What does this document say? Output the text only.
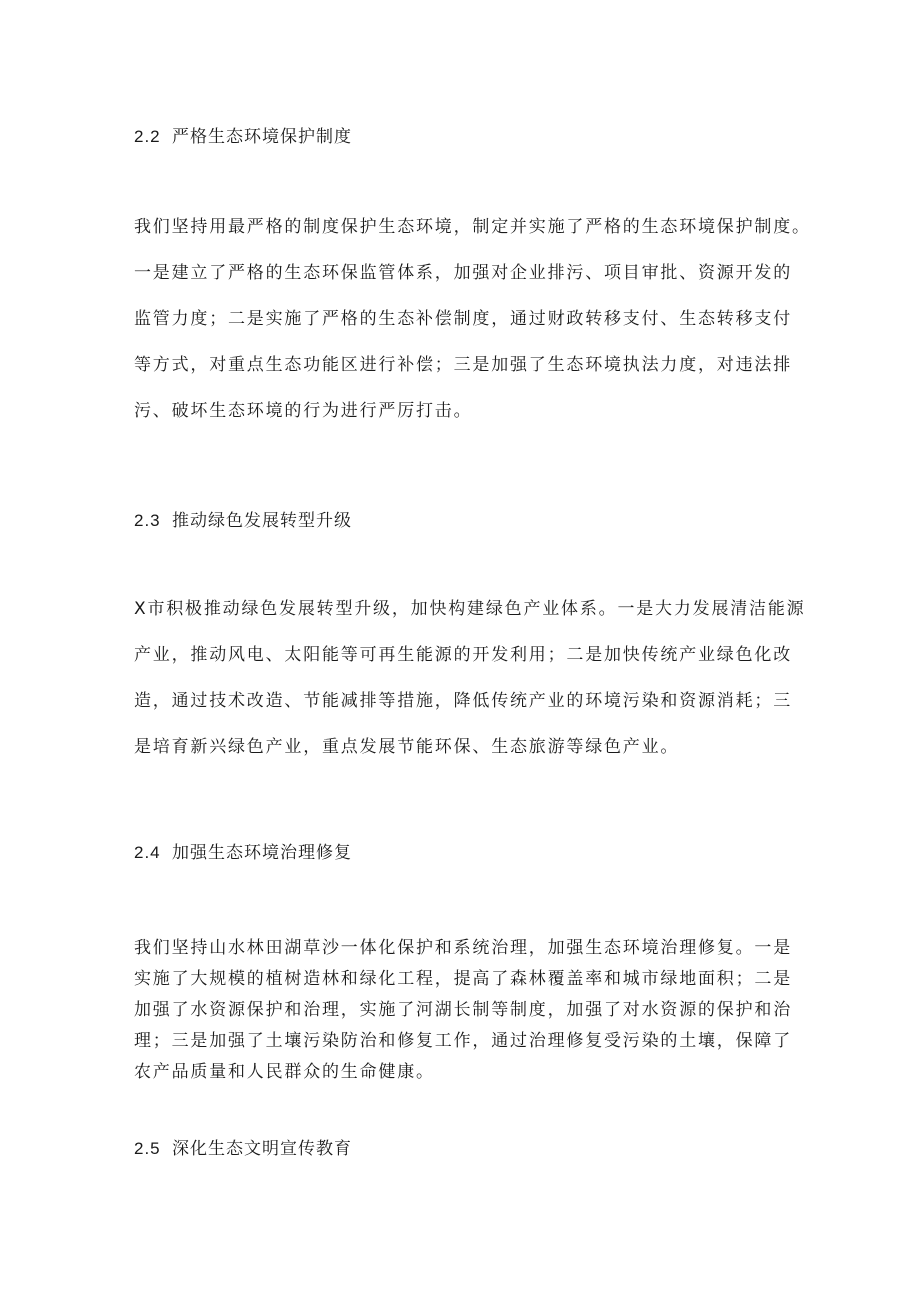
2.2 严格生态环境保护制度
我们坚持用最严格的制度保护生态环境，制定并实施了严格的生态环境保护制度。
一是建立了严格的生态环保监管体系，加强对企业排污、项目审批、资源开发的
监管力度；二是实施了严格的生态补偿制度，通过财政转移支付、生态转移支付
等方式，对重点生态功能区进行补偿；三是加强了生态环境执法力度，对违法排
污、破坏生态环境的行为进行严厉打击。
2.3 推动绿色发展转型升级
X市积极推动绿色发展转型升级，加快构建绿色产业体系。一是大力发展清洁能源
产业，推动风电、太阳能等可再生能源的开发利用；二是加快传统产业绿色化改
造，通过技术改造、节能减排等措施，降低传统产业的环境污染和资源消耗；三
是培育新兴绿色产业，重点发展节能环保、生态旅游等绿色产业。
2.4 加强生态环境治理修复
我们坚持山水林田湖草沙一体化保护和系统治理，加强生态环境治理修复。一是
实施了大规模的植树造林和绿化工程，提高了森林覆盖率和城市绿地面积；二是
加强了水资源保护和治理，实施了河湖长制等制度，加强了对水资源的保护和治
理；三是加强了土壤污染防治和修复工作，通过治理修复受污染的土壤，保障了
农产品质量和人民群众的生命健康。
2.5 深化生态文明宣传教育
